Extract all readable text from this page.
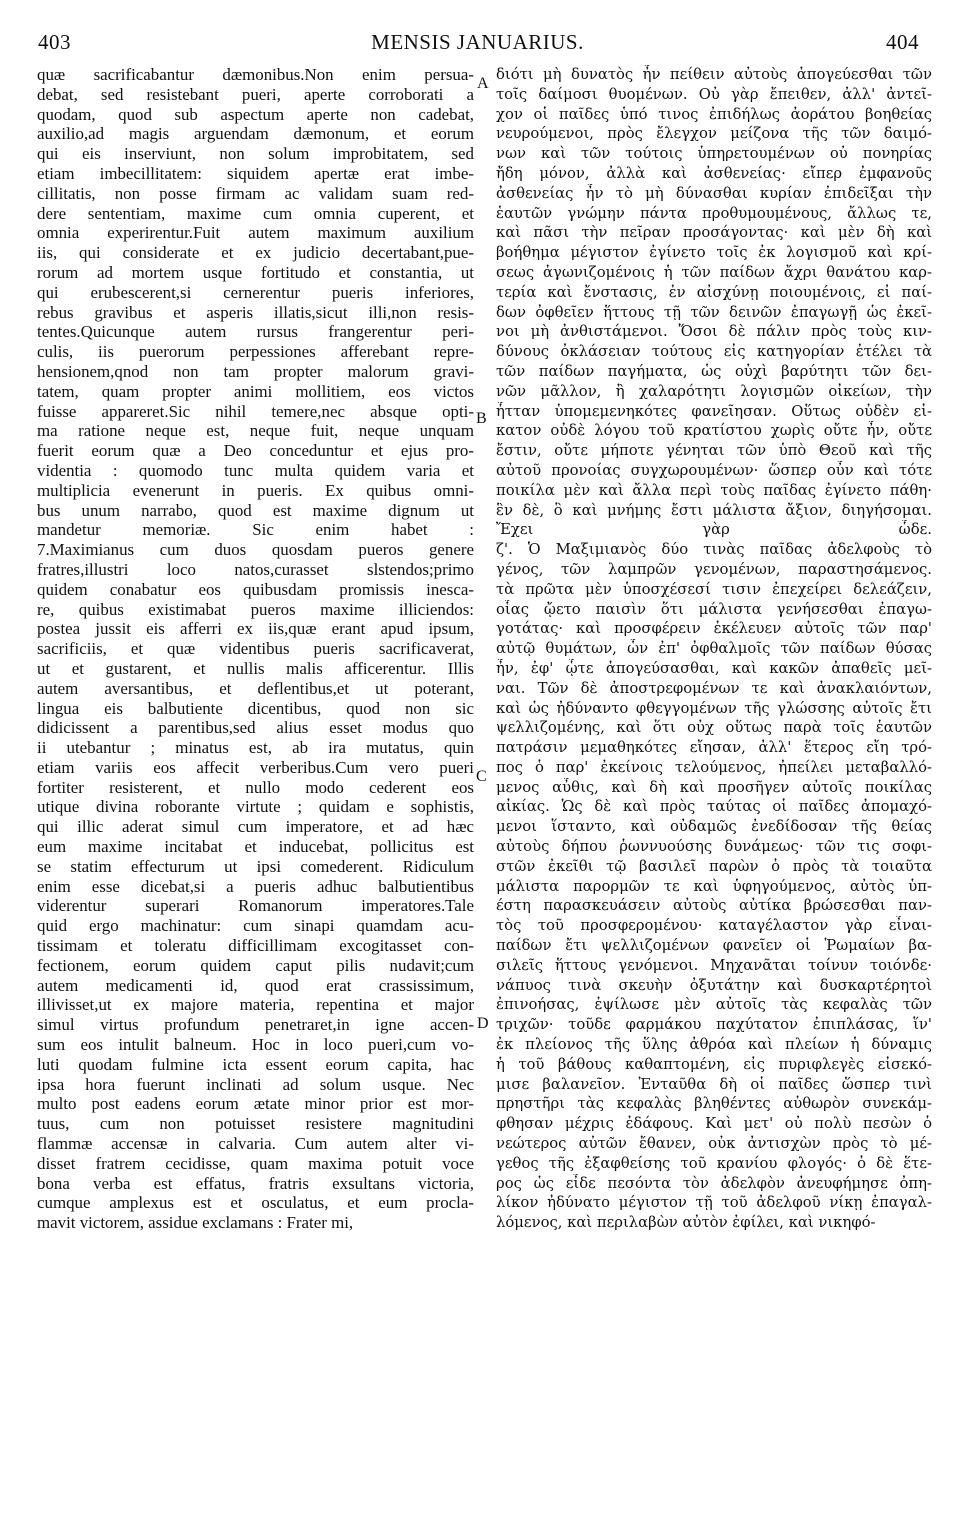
403	MENSIS JANUARIUS.	404
quæ sacrificabantur dæmonibus.Non enim persua-
debat, sed resistebant pueri, aperte corroborati a
quodam, quod sub aspectum aperte non cadebat,
auxilio,ad magis arguendam dæmonum, et eorum
qui eis inserviunt, non solum improbitatem, sed
etiam imbecillitatem: siquidem apertæ erat imbe-
cillitatis, non posse firmam ac validam suam red-
dere sententiam, maxime cum omnia cuperent, et
omnia experirentur.Fuit autem maximum auxilium
iis, qui considerate et ex judicio decertabant,pue-
rorum ad mortem usque fortitudo et constantia, ut
qui erubescerent,si cernerentur pueris inferiores,
rebus gravibus et asperis illatis,sicut illi,non resis-
tentes.Quicunque autem rursus frangerentur peri-
culis, iis puerorum perpessiones afferebant repre-
hensionem,qnod non tam propter malorum gravi-
tatem, quam propter animi mollitiem, eos victos
fuisse appareret.Sic nihil temere,nec absque opti-
ma ratione neque est, neque fuit, neque unquam
fuerit eorum quæ a Deo conceduntur et ejus pro-
videntia : quomodo tunc multa quidem varia et
multiplicia evenerunt in pueris. Ex quibus omni-
bus unum narrabo, quod est maxime dignum ut
mandetur memoriæ. Sic enim habet :
7.Maximianus cum duos quosdam pueros genere
fratres,illustri loco natos,curasset slstendos;primo
quidem conabatur eos quibusdam promissis inesca-
re, quibus existimabat pueros maxime illiciendos:
postea jussit eis afferri ex iis,quæ erant apud ipsum,
sacrificiis, et quæ videntibus pueris sacrificaverat,
ut et gustarent, et nullis malis afficerentur. Illis
autem aversantibus, et deflentibus,et ut poterant,
lingua eis balbutiente dicentibus, quod non sic
didicissent a parentibus,sed alius esset modus quo
ii utebantur ; minatus est, ab ira mutatus, quin
etiam variis eos affecit verberibus.Cum vero pueri
fortiter resisterent, et nullo modo cederent eos
utique divina roborante virtute ; quidam e sophistis,
qui illic aderat simul cum imperatore, et ad hæc
eum maxime incitabat et inducebat, pollicitus est
se statim effecturum ut ipsi comederent. Ridiculum
enim esse dicebat,si a pueris adhuc balbutientibus
viderentur superari Romanorum imperatores.Tale
quid ergo machinatur: cum sinapi quamdam acu-
tissimam et toleratu difficillimam excogitasset con-
fectionem, eorum quidem caput pilis nudavit;cum
autem medicamenti id, quod erat crassissimum,
illivisset,ut ex majore materia, repentina et major
simul virtus profundum penetraret,in igne accen-
sum eos intulit balneum. Hoc in loco pueri,cum vo-
luti quodam fulmine icta essent eorum capita, hac
ipsa hora fuerunt inclinati ad solum usque. Nec
multo post eadens eorum ætate minor prior est mor-
tuus, cum non potuisset resistere magnitudini
flammæ accensæ in calvaria. Cum autem alter vi-
disset fratrem cecidisse, quam maxima potuit voce
bona verba est effatus, fratris exsultans victoria,
cumque amplexus est et osculatus, et eum procla-
mavit victorem, assidue exclamans : Frater mi,
διότι μὴ δυνατὸς ἦν πείθειν αὐτοὺς ἀπογεύεσθαι τῶν
τοῖς δαίμοσι θυομένων. Οὐ γὰρ ἔπειθεν, ἀλλ' ἀντεῖ-
χον οἱ παῖδες ὑπό τινος ἐπιδήλως ἀοράτου βοηθείας
νευρούμενοι, πρὸς ἔλεγχον μείζονα τῆς τῶν δαιμό-
νων καὶ τῶν τούτοις ὑπηρετουμένων οὐ πονηρίας
ἤδη μόνον, ἀλλὰ καὶ ἀσθενείας· εἴπερ ἐμφανοῦς
ἀσθενείας ἦν τὸ μὴ δύνασθαι κυρίαν ἐπιδεῖξαι τὴν
ἑαυτῶν γνώμην πάντα προθυμουμένους, ἄλλως τε,
καὶ πᾶσι τὴν πεῖραν προσάγοντας· καὶ μὲν δὴ καὶ
βοήθημα μέγιστον ἐγίνετο τοῖς ἐκ λογισμοῦ καὶ κρί-
σεως ἀγωνιζομένοις ἡ τῶν παίδων ἄχρι θανάτου καρ-
τερία καὶ ἔνστασις, ἐν αἰσχύνῃ ποιουμένοις, εἰ παί-
δων ὀφθεῖεν ἥττους τῇ τῶν δεινῶν ἐπαγωγῇ ὡς ἐκεῖ-
νοι μὴ ἀνθιστάμενοι. Ὅσοι δὲ πάλιν πρὸς τοὺς κιν-
δύνους ὀκλάσειαν τούτους εἰς κατηγορίαν ἐτέλει τὰ
τῶν παίδων παγήματα, ὡς οὐχὶ βαρύτητι τῶν δει-
νῶν μᾶλλον, ἢ χαλαρότητι λογισμῶν οἰκείων, τὴν
ἧτταν ὑπομεμενηκότες φανεῖησαν. Οὕτως οὐδὲν εἰ-
κατον οὐδὲ λόγου τοῦ κρατίστου χωρὶς οὔτε ἦν, οὔτε
ἔστιν, οὔτε μήποτε γένηται τῶν ὑπὸ Θεοῦ καὶ τῆς
αὐτοῦ προνοίας συγχωρουμένων· ὥσπερ οὖν καὶ τότε
ποικίλα μὲν καὶ ἄλλα περὶ τοὺς παῖδας ἐγίνετο πάθη·
ἓν δὲ, ὃ καὶ μνήμης ἔστι μάλιστα ἄξιον, διηγήσομαι.
Ἔχει γὰρ ὧδε.
ζ'. Ὁ Μαξιμιανὸς δύο τινὰς παῖδας ἀδελφοὺς τὸ
γένος, τῶν λαμπρῶν γενομένων, παραστησάμενος.
τὰ πρῶτα μὲν ὑποσχέσεσί τισιν ἐπεχείρει δελεάζειν,
οἷας ᾤετο παισὶν ὅτι μάλιστα γενήσεσθαι ἐπαγω-
γοτάτας· καὶ προσφέρειν ἐκέλευεν αὐτοῖς τῶν παρ'
αὐτῷ θυμάτων, ὧν ἐπ' ὀφθαλμοῖς τῶν παίδων θύσας
ἦν, ἐφ' ᾧτε ἀπογεύσασθαι, καὶ κακῶν ἀπαθεῖς μεῖ-
ναι. Τῶν δὲ ἀποστρεφομένων τε καὶ ἀνακλαιόντων,
καὶ ὡς ἠδύναντο φθεγγομένων τῆς γλώσσης αὐτοῖς ἔτι
ψελλιζομένης, καὶ ὅτι οὐχ οὕτως παρὰ τοῖς ἑαυτῶν
πατράσιν μεμαθηκότες εἴησαν, ἀλλ' ἕτερος εἴη τρό-
πος ὁ παρ' ἐκείνοις τελούμενος, ἠπείλει μεταβαλλό-
μενος αὖθις, καὶ δὴ καὶ προσῆγεν αὐτοῖς ποικίλας
αἰκίας. Ὡς δὲ καὶ πρὸς ταύτας οἱ παῖδες ἀπομαχό-
μενοι ἵσταντο, καὶ οὐδαμῶς ἐνεδίδοσαν τῆς θείας
αὐτοὺς δήπου ῥωννυούσης δυνάμεως· τῶν τις σοφι-
στῶν ἐκεῖθι τῷ βασιλεῖ παρὼν ὁ πρὸς τὰ τοιαῦτα
μάλιστα παρορμῶν τε καὶ ὑφηγούμενος, αὐτὸς ὑπ-
έστη παρασκευάσειν αὐτοὺς αὐτίκα βρώσεσθαι παν-
τὸς τοῦ προσφερομένου· καταγέλαστον γὰρ εἶναι-
παίδων ἔτι ψελλιζομένων φανεῖεν οἱ Ῥωμαίων βα-
σιλεῖς ἥττους γενόμενοι. Μηχανᾶται τοίνυν τοιόνδε·
νάπυος τινὰ σκευὴν ὀξυτάτην καὶ δυσκαρτέρητοὶ
ἐπινοήσας, ἐψίλωσε μὲν αὐτοῖς τὰς κεφαλὰς τῶν
τριχῶν· τοῦδε φαρμάκου παχύτατον ἐπιπλάσας, ἵν'
ἐκ πλείονος τῆς ὕλης ἀθρόα καὶ πλείων ἡ δύναμις
ἡ τοῦ βάθους καθαπτομένη, εἰς πυριφλεγὲς εἰσεκό-
μισε βαλανεῖον. Ἐνταῦθα δὴ οἱ παῖδες ὥσπερ τινὶ
πρηστῆρι τὰς κεφαλὰς βληθέντες αὐθωρὸν συνεκάμ-
φθησαν μέχρις ἐδάφους. Καὶ μετ' οὐ πολὺ πεσὼν ὁ
νεώτερος αὐτῶν ἔθανεν, οὐκ ἀντισχὼν πρὸς τὸ μέ-
γεθος τῆς ἐξαφθείσης τοῦ κρανίου φλογός· ὁ δὲ ἕτε-
ρος ὡς εἶδε πεσόντα τὸν ἀδελφὸν ἀνευφήμησε ὀπη-
λίκον ἠδύνατο μέγιστον τῇ τοῦ ἀδελφοῦ νίκῃ ἐπαγαλ-
λόμενος, καὶ περιλαβὼν αὐτὸν ἐφίλει, καὶ νικηφό-
A
B
C
D
